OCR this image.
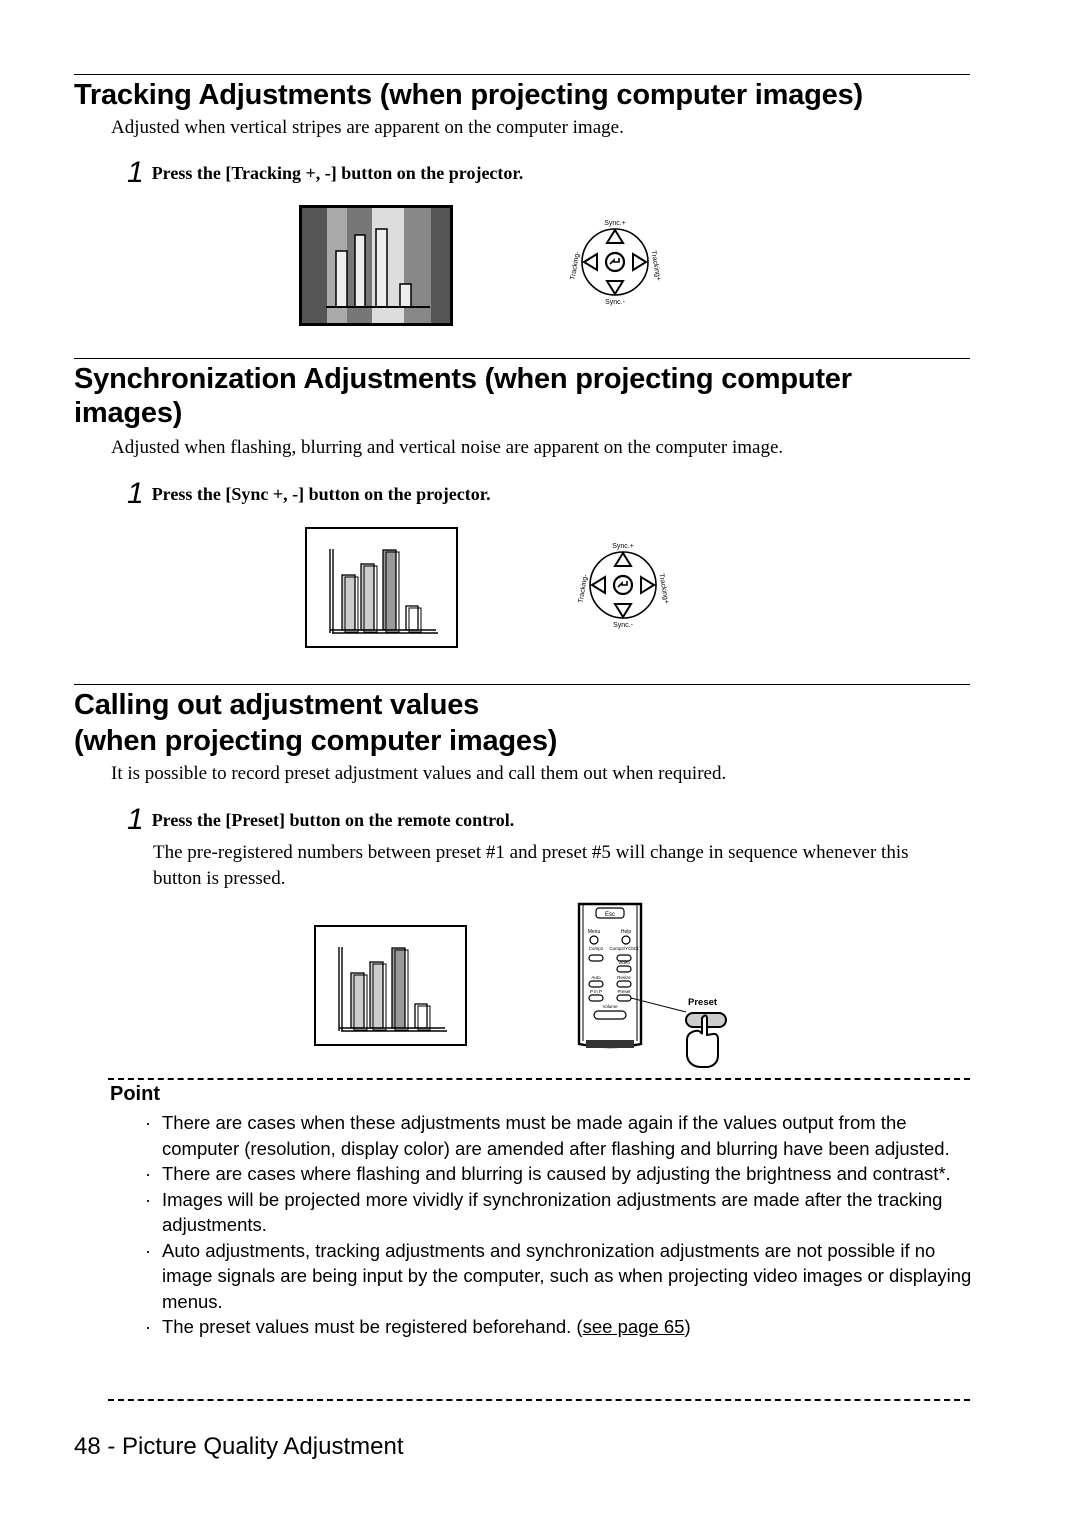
Tracking Adjustments (when projecting computer images)
Adjusted when vertical stripes are apparent on the computer image.
1 Press the [Tracking +, -] button on the projector.
Sync.+
Sync.-
Tracking-	Tracking+
Synchronization Adjustments (when projecting computer
images)
Adjusted when flashing, blurring and vertical noise are apparent on the computer image.
1 Press the [Sync +, -] button on the projector.
Sync.+
Sync.-
Tracking-	Tracking+
Calling out adjustment values
(when projecting computer images)
It is possible to record preset adjustment values and call them out when required.
1 Press the [Preset] button on the remote control.
The pre-registered numbers between preset #1 and preset #5 will change in sequence whenever this button is pressed.
Esc
Menu	Help
Comp1 Comp2/YCbCr
Video
Auto	Resize
P in P	Preset
Volume	Preset
Point
· There are cases when these adjustments must be made again if the values output from the computer (resolution, display color) are amended after flashing and blurring have been adjusted.
· There are cases where flashing and blurring is caused by adjusting the brightness and contrast*.
· Images will be projected more vividly if synchronization adjustments are made after the tracking adjustments.
· Auto adjustments, tracking adjustments and synchronization adjustments are not possible if no image signals are being input by the computer, such as when projecting video images or displaying menus.
· The preset values must be registered beforehand. (see page 65)
48 - Picture Quality Adjustment
